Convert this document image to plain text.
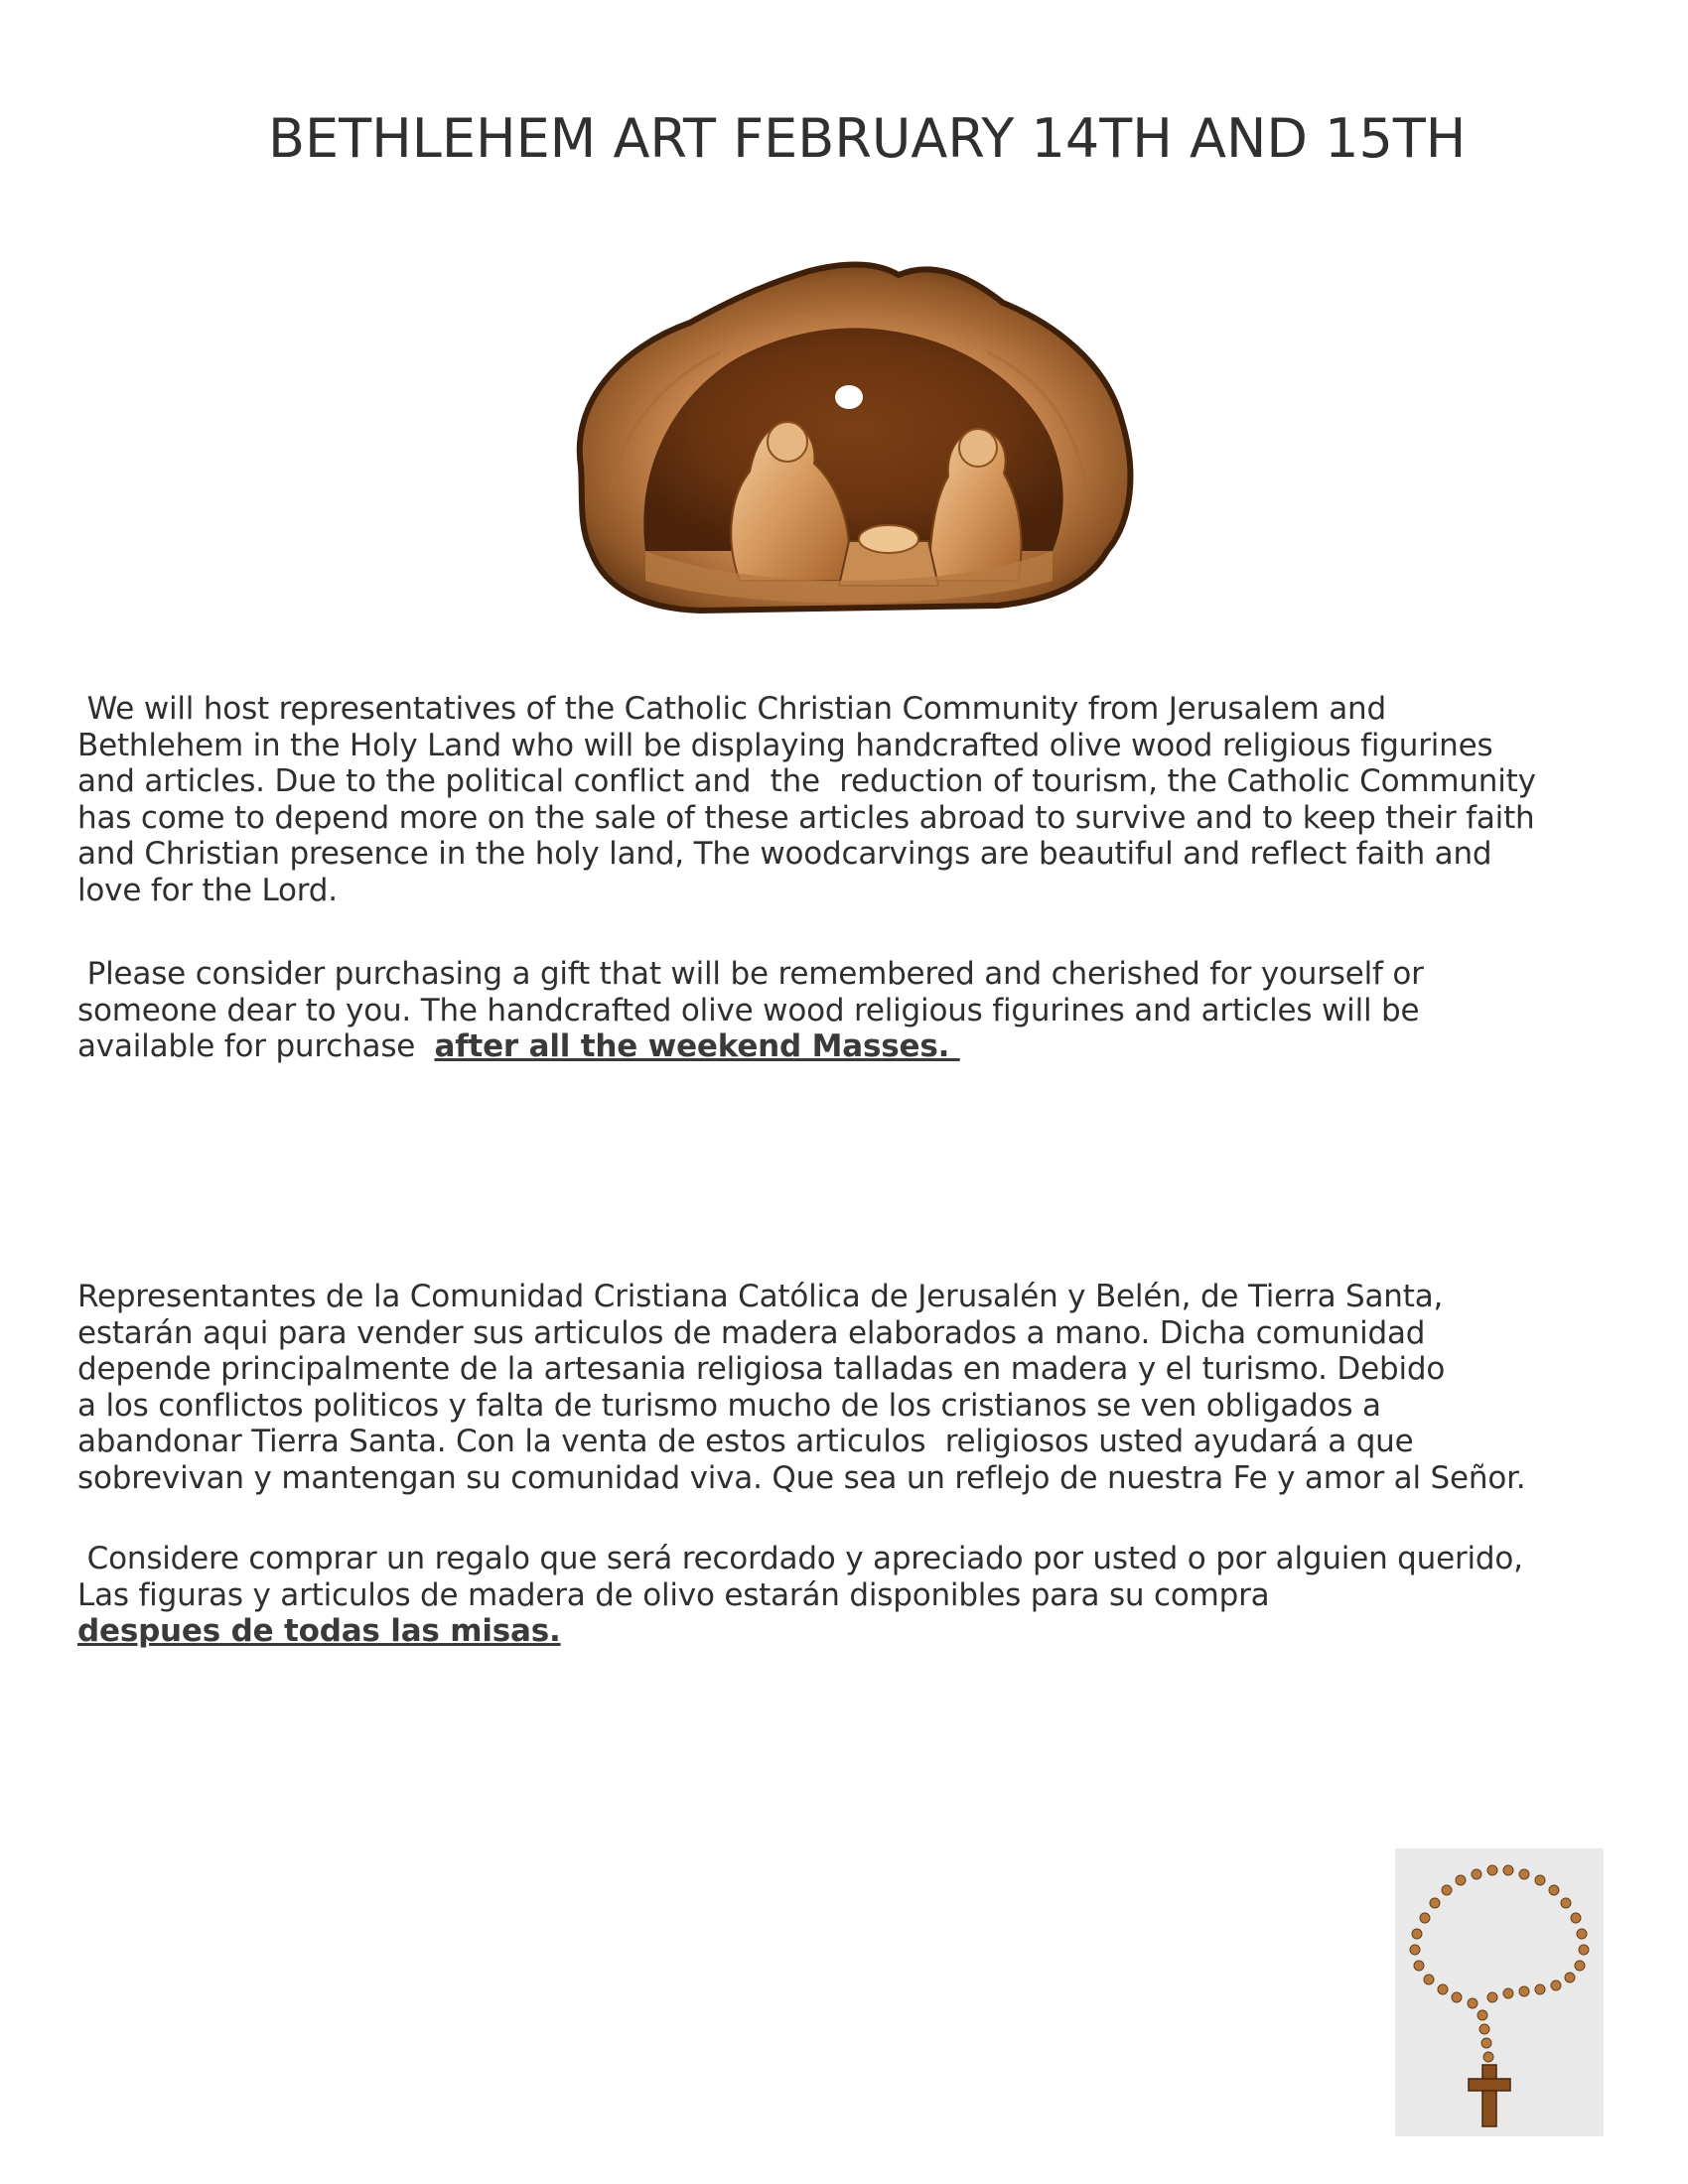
BETHLEHEM ART FEBRUARY 14TH AND 15TH

We will host representatives of the Catholic Christian Community from Jerusalem and
Bethlehem in the Holy Land who will be displaying handcrafted olive wood religious figurines
and articles. Due to the political conflict and  the  reduction of tourism, the Catholic Community
has come to depend more on the sale of these articles abroad to survive and to keep their faith
and Christian presence in the holy land, The woodcarvings are beautiful and reflect faith and
love for the Lord.

Please consider purchasing a gift that will be remembered and cherished for yourself or
someone dear to you. The handcrafted olive wood religious figurines and articles will be
available for purchase  after all the weekend Masses.

Representantes de la Comunidad Cristiana Católica de Jerusalén y Belén, de Tierra Santa,
estarán aqui para vender sus articulos de madera elaborados a mano. Dicha comunidad
depende principalmente de la artesania religiosa talladas en madera y el turismo. Debido
a los conflictos politicos y falta de turismo mucho de los cristianos se ven obligados a
abandonar Tierra Santa. Con la venta de estos articulos  religiosos usted ayudará a que
sobrevivan y mantengan su comunidad viva. Que sea un reflejo de nuestra Fe y amor al Señor.

Considere comprar un regalo que será recordado y apreciado por usted o por alguien querido,
Las figuras y articulos de madera de olivo estarán disponibles para su compra
despues de todas las misas.
